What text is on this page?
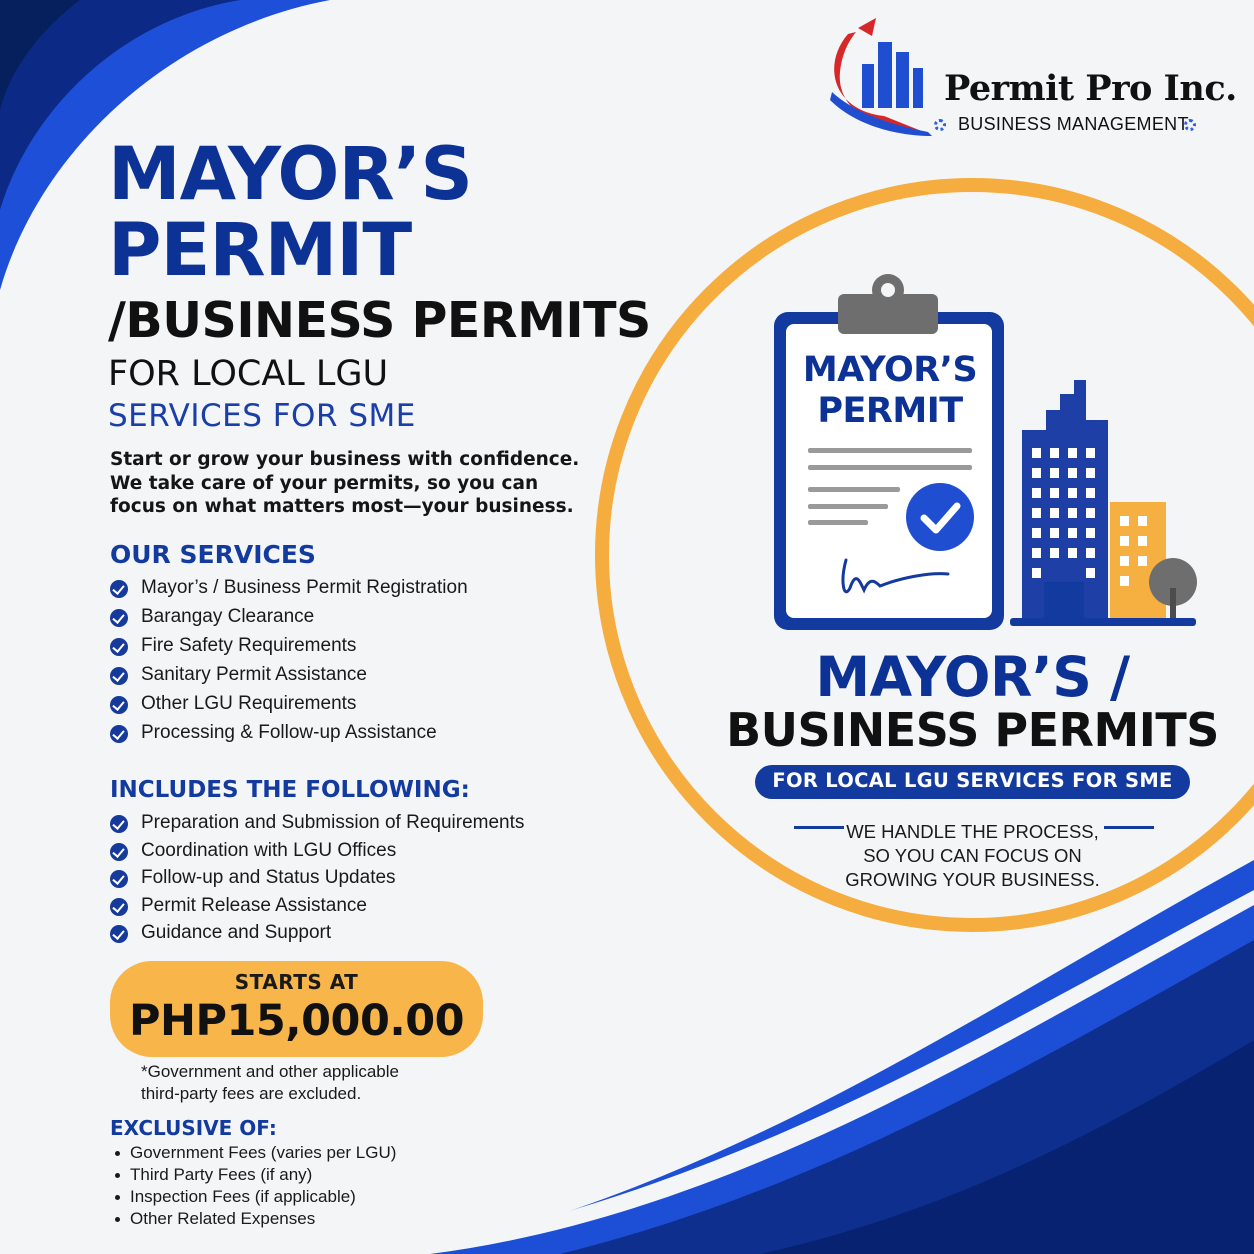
Permit Pro Inc.
BUSINESS MANAGEMENT
MAYOR’S
PERMIT
/BUSINESS PERMITS
FOR LOCAL LGU
SERVICES FOR SME

Start or grow your business with confidence.

We take care of your permits, so you can

focus on what matters most—your business.

OUR SERVICES
Mayor’s / Business Permit Registration
Barangay Clearance
Fire Safety Requirements
Sanitary Permit Assistance
Other LGU Requirements
Processing & Follow-up Assistance
INCLUDES THE FOLLOWING:
Preparation and Submission of Requirements
Coordination with LGU Offices
Follow-up and Status Updates
Permit Release Assistance
Guidance and Support
STARTS AT
PHP15,000.00

*Government and other applicable

third-party fees are excluded.

EXCLUSIVE OF:
Government Fees (varies per LGU)
Third Party Fees (if any)
Inspection Fees (if applicable)
Other Related Expenses

MAYOR’S

PERMIT

MAYOR’S /
BUSINESS PERMITS
FOR LOCAL LGU SERVICES FOR SME

WE HANDLE THE PROCESS,

SO YOU CAN FOCUS ON

GROWING YOUR BUSINESS.
